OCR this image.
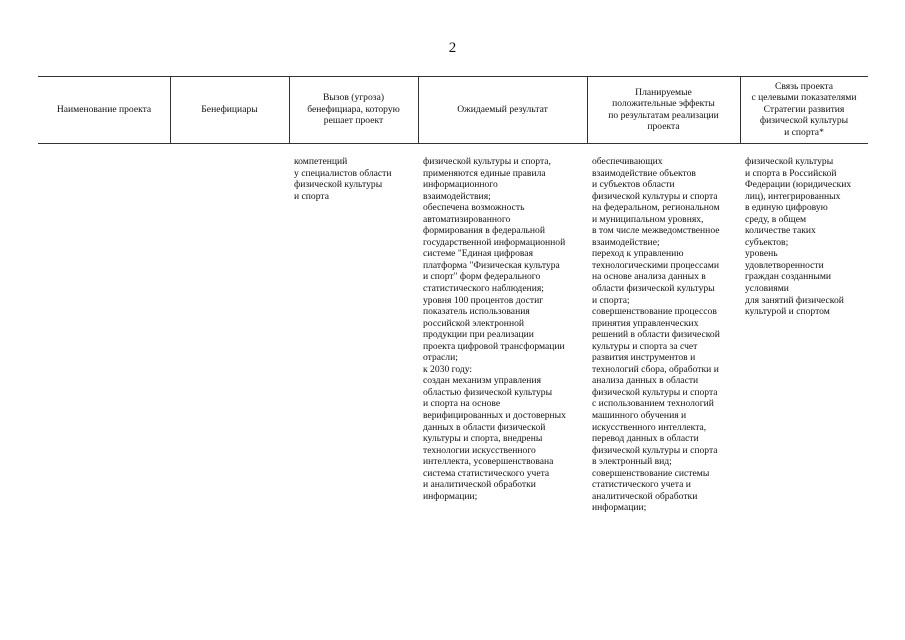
2
Наименование проекта	Бенефициары
Вызов (угроза)
бенефициара, которую
решает проект
Ожидаемый результат
Планируемые
положительные эффекты
по результатам реализации
проекта
Связь проекта
с целевыми показателями
Стратегии развития
физической культуры
и спорта*
компетенций
у специалистов области
физической культуры
и спорта
физической культуры и спорта,
применяются единые правила
информационного
взаимодействия;
обеспечена возможность
автоматизированного
формирования в федеральной
государственной информационной
системе "Единая цифровая
платформа "Физическая культура
и спорт" форм федерального
статистического наблюдения;
уровня 100 процентов достиг
показатель использования
российской электронной
продукции при реализации
проекта цифровой трансформации
отрасли;
к 2030 году:
создан механизм управления
областью физической культуры
и спорта на основе
верифицированных и достоверных
данных в области физической
культуры и спорта, внедрены
технологии искусственного
интеллекта, усовершенствована
система статистического учета
и аналитической обработки
информации;
обеспечивающих
взаимодействие объектов
и субъектов области
физической культуры и спорта
на федеральном, региональном
и муниципальном уровнях,
в том числе межведомственное
взаимодействие;
переход к управлению
технологическими процессами
на основе анализа данных в
области физической культуры
и спорта;
совершенствование процессов
принятия управленческих
решений в области физической
культуры и спорта за счет
развития инструментов и
технологий сбора, обработки и
анализа данных в области
физической культуры и спорта
с использованием технологий
машинного обучения и
искусственного интеллекта,
перевод данных в области
физической культуры и спорта
в электронный вид;
совершенствование системы
статистического учета и
аналитической обработки
информации;
физической культуры
и спорта в Российской
Федерации (юридических
лиц), интегрированных
в единую цифровую
среду, в общем
количестве таких
субъектов;
уровень
удовлетворенности
граждан созданными
условиями
для занятий физической
культурой и спортом
